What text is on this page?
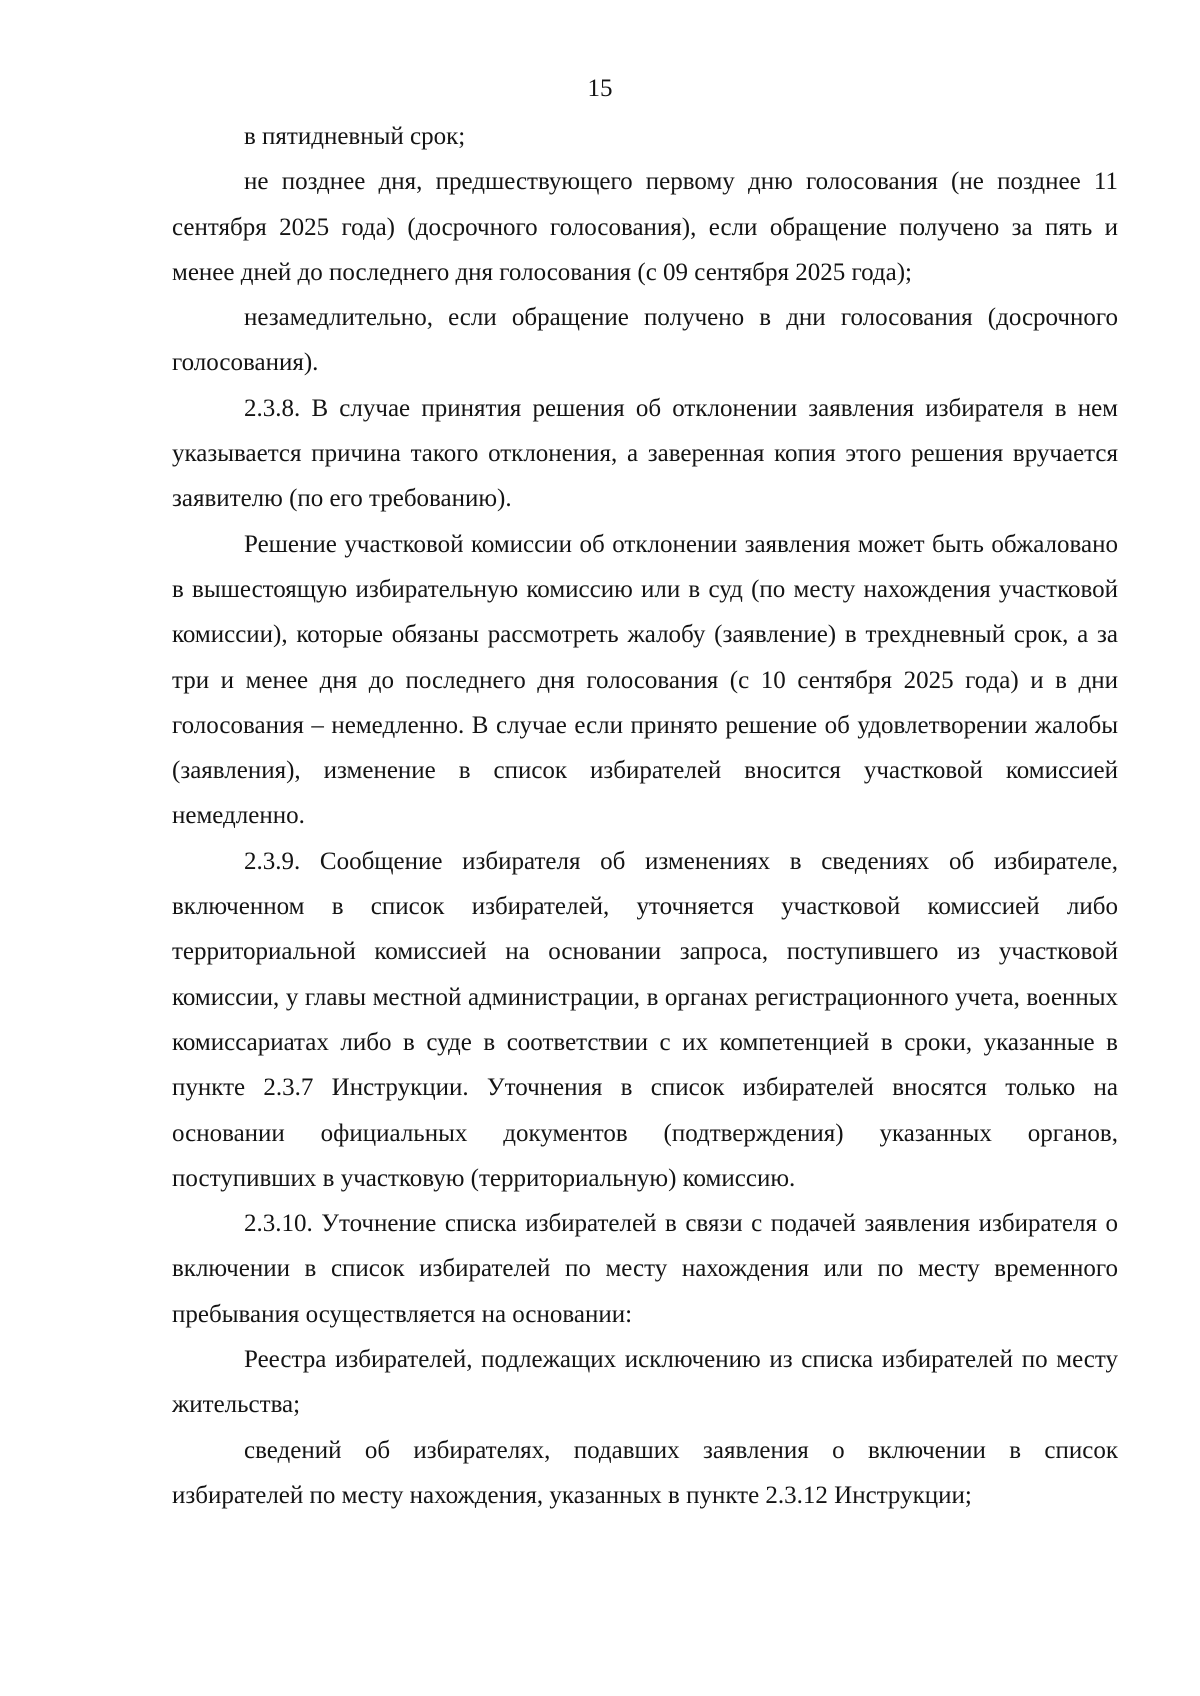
15

в пятидневный срок;

не позднее дня, предшествующего первому дню голосования (не позднее 11 сентября 2025 года) (досрочного голосования), если обращение получено за пять и менее дней до последнего дня голосования (с 09 сентября 2025 года);

незамедлительно, если обращение получено в дни голосования (досрочного голосования).

2.3.8. В случае принятия решения об отклонении заявления избирателя в нем указывается причина такого отклонения, а заверенная копия этого решения вручается заявителю (по его требованию).

Решение участковой комиссии об отклонении заявления может быть обжаловано в вышестоящую избирательную комиссию или в суд (по месту нахождения участковой комиссии), которые обязаны рассмотреть жалобу (заявление) в трехдневный срок, а за три и менее дня до последнего дня голосования (с 10 сентября 2025 года) и в дни голосования – немедленно. В случае если принято решение об удовлетворении жалобы (заявления), изменение в список избирателей вносится участковой комиссией немедленно.

2.3.9. Сообщение избирателя об изменениях в сведениях об избирателе, включенном в список избирателей, уточняется участковой комиссией либо территориальной комиссией на основании запроса, поступившего из участковой комиссии, у главы местной администрации, в органах регистрационного учета, военных комиссариатах либо в суде в соответствии с их компетенцией в сроки, указанные в пункте 2.3.7 Инструкции. Уточнения в список избирателей вносятся только на основании официальных документов (подтверждения) указанных органов, поступивших в участковую (территориальную) комиссию.

2.3.10. Уточнение списка избирателей в связи с подачей заявления избирателя о включении в список избирателей по месту нахождения или по месту временного пребывания осуществляется на основании:

Реестра избирателей, подлежащих исключению из списка избирателей по месту жительства;

сведений об избирателях, подавших заявления о включении в список избирателей по месту нахождения, указанных в пункте 2.3.12 Инструкции;
